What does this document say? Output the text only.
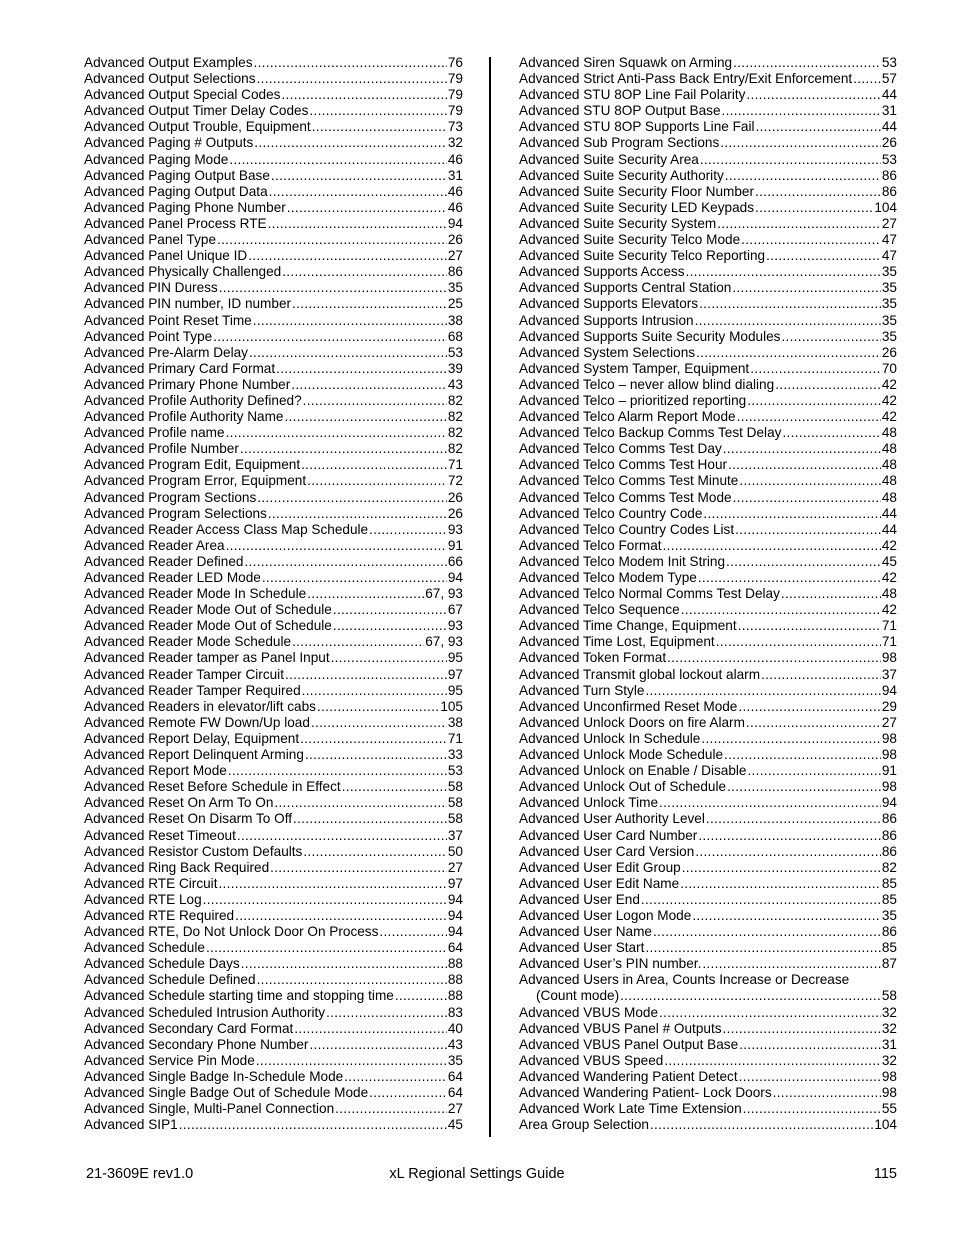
Advanced Output Examples .....	76
Advanced Output Selections .....	79
Advanced Output Special Codes .....	79
Advanced Output Timer Delay Codes .....	79
Advanced Output Trouble, Equipment .....	73
Advanced Paging # Outputs .....	32
Advanced Paging Mode .....	46
Advanced Paging Output Base .....	31
Advanced Paging Output Data .....	46
Advanced Paging Phone Number .....	46
Advanced Panel Process RTE .....	94
Advanced Panel Type .....	26
Advanced Panel Unique ID .....	27
Advanced Physically Challenged .....	86
Advanced PIN Duress .....	35
Advanced PIN number, ID number .....	25
Advanced Point Reset Time .....	38
Advanced Point Type .....	68
Advanced Pre-Alarm Delay .....	53
Advanced Primary Card Format .....	39
Advanced Primary Phone Number .....	43
Advanced Profile Authority Defined? .....	82
Advanced Profile Authority Name .....	82
Advanced Profile name .....	82
Advanced Profile Number .....	82
Advanced Program Edit, Equipment .....	71
Advanced Program Error, Equipment .....	72
Advanced Program Sections .....	26
Advanced Program Selections .....	26
Advanced Reader Access Class Map Schedule .....	93
Advanced Reader Area .....	91
Advanced Reader Defined .....	66
Advanced Reader LED Mode .....	94
Advanced Reader Mode In Schedule .....	67, 93
Advanced Reader Mode Out of Schedule .....	67
Advanced Reader Mode Out of Schedule .....	93
Advanced Reader Mode Schedule .....	67, 93
Advanced Reader tamper as Panel Input .....	95
Advanced Reader Tamper Circuit .....	97
Advanced Reader Tamper Required .....	95
Advanced Readers in elevator/lift cabs .....	105
Advanced Remote FW Down/Up load .....	38
Advanced Report Delay, Equipment .....	71
Advanced Report Delinquent Arming .....	33
Advanced Report Mode .....	53
Advanced Reset Before Schedule in Effect .....	58
Advanced Reset On Arm To On .....	58
Advanced Reset On Disarm To Off .....	58
Advanced Reset Timeout .....	37
Advanced Resistor Custom Defaults .....	50
Advanced Ring Back Required .....	27
Advanced RTE Circuit .....	97
Advanced RTE Log .....	94
Advanced RTE Required .....	94
Advanced RTE, Do Not Unlock Door On Process .....	94
Advanced Schedule .....	64
Advanced Schedule Days .....	88
Advanced Schedule Defined .....	88
Advanced Schedule starting time and stopping time .....	88
Advanced Scheduled Intrusion Authority .....	83
Advanced Secondary Card Format .....	40
Advanced Secondary Phone Number .....	43
Advanced Service Pin Mode .....	35
Advanced Single Badge In-Schedule Mode .....	64
Advanced Single Badge Out of Schedule Mode .....	64
Advanced Single, Multi-Panel Connection .....	27
Advanced SIP1 .....	45
Advanced Siren Squawk on Arming .....	53
Advanced Strict Anti-Pass Back Entry/Exit Enforcement ..... 57
Advanced STU 8OP Line Fail Polarity .....	44
Advanced STU 8OP Output Base .....	31
Advanced STU 8OP Supports Line Fail .....	44
Advanced Sub Program Sections .....	26
Advanced Suite Security Area .....	53
Advanced Suite Security Authority .....	86
Advanced Suite Security Floor Number .....	86
Advanced Suite Security LED Keypads .....	104
Advanced Suite Security System .....	27
Advanced Suite Security Telco Mode .....	47
Advanced Suite Security Telco Reporting .....	47
Advanced Supports Access .....	35
Advanced Supports Central Station .....	35
Advanced Supports Elevators .....	35
Advanced Supports Intrusion .....	35
Advanced Supports Suite Security Modules .....	35
Advanced System Selections .....	26
Advanced System Tamper, Equipment .....	70
Advanced Telco – never allow blind dialing .....	42
Advanced Telco – prioritized reporting .....	42
Advanced Telco Alarm Report Mode .....	42
Advanced Telco Backup Comms Test Delay .....	48
Advanced Telco Comms Test Day .....	48
Advanced Telco Comms Test Hour .....	48
Advanced Telco Comms Test Minute .....	48
Advanced Telco Comms Test Mode .....	48
Advanced Telco Country Code .....	44
Advanced Telco Country Codes List .....	44
Advanced Telco Format .....	42
Advanced Telco Modem Init String .....	45
Advanced Telco Modem Type .....	42
Advanced Telco Normal Comms Test Delay .....	48
Advanced Telco Sequence .....	42
Advanced Time Change, Equipment .....	71
Advanced Time Lost, Equipment .....	71
Advanced Token Format .....	98
Advanced Transmit global lockout alarm .....	37
Advanced Turn Style .....	94
Advanced Unconfirmed Reset Mode .....	29
Advanced Unlock Doors on fire Alarm .....	27
Advanced Unlock In Schedule .....	98
Advanced Unlock Mode Schedule .....	98
Advanced Unlock on Enable / Disable .....	91
Advanced Unlock Out of Schedule .....	98
Advanced Unlock Time .....	94
Advanced User Authority Level .....	86
Advanced User Card Number .....	86
Advanced User Card Version .....	86
Advanced User Edit Group .....	82
Advanced User Edit Name .....	85
Advanced User End .....	85
Advanced User Logon Mode .....	35
Advanced User Name .....	86
Advanced User Start .....	85
Advanced User’s PIN number. .....	87
Advanced Users in Area, Counts Increase or Decrease
(Count mode) .....	58
Advanced VBUS Mode .....	32
Advanced VBUS Panel # Outputs .....	32
Advanced VBUS Panel Output Base .....	31
Advanced VBUS Speed .....	32
Advanced Wandering Patient Detect .....	98
Advanced Wandering Patient- Lock Doors .....	98
Advanced Work Late Time Extension .....	55
Area Group Selection .....	104
21-3609E rev1.0	xL Regional Settings Guide	115
